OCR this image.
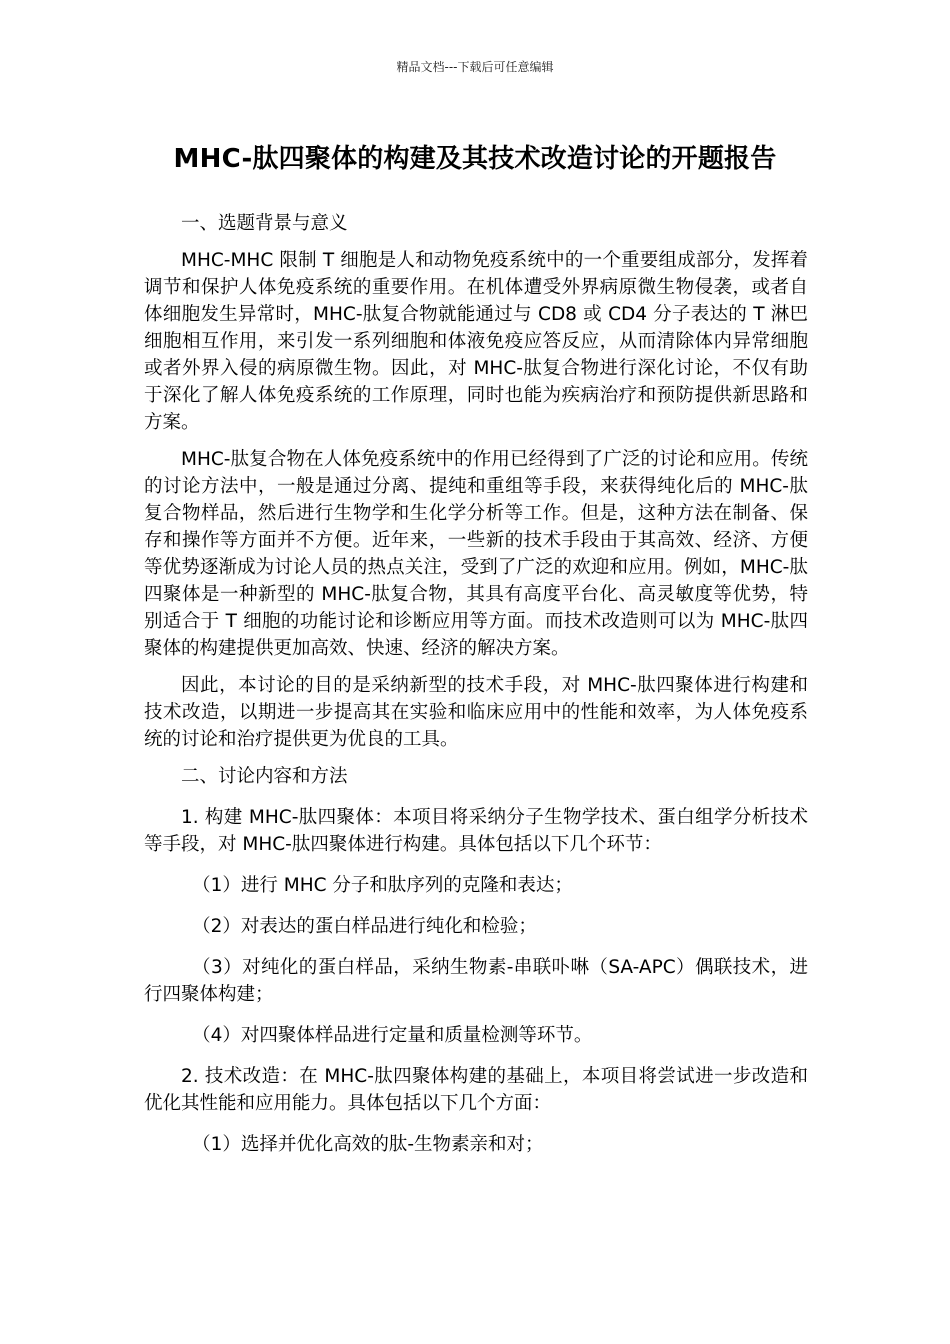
精品文档---下载后可任意编辑
MHC-肽四聚体的构建及其技术改造讨论的开题报告

一、选题背景与意义

MHC-MHC 限制 T 细胞是人和动物免疫系统中的一个重要组成部分，发挥着调节和保护人体免疫系统的重要作用。在机体遭受外界病原微生物侵袭，或者自体细胞发生异常时，MHC-肽复合物就能通过与 CD8 或 CD4 分子表达的 T 淋巴细胞相互作用，来引发一系列细胞和体液免疫应答反应，从而清除体内异常细胞或者外界入侵的病原微生物。因此，对 MHC-肽复合物进行深化讨论，不仅有助于深化了解人体免疫系统的工作原理，同时也能为疾病治疗和预防提供新思路和方案。

MHC-肽复合物在人体免疫系统中的作用已经得到了广泛的讨论和应用。传统的讨论方法中，一般是通过分离、提纯和重组等手段，来获得纯化后的 MHC-肽复合物样品，然后进行生物学和生化学分析等工作。但是，这种方法在制备、保存和操作等方面并不方便。近年来，一些新的技术手段由于其高效、经济、方便等优势逐渐成为讨论人员的热点关注，受到了广泛的欢迎和应用。例如，MHC-肽四聚体是一种新型的 MHC-肽复合物，其具有高度平台化、高灵敏度等优势，特别适合于 T 细胞的功能讨论和诊断应用等方面。而技术改造则可以为 MHC-肽四聚体的构建提供更加高效、快速、经济的解决方案。

因此，本讨论的目的是采纳新型的技术手段，对 MHC-肽四聚体进行构建和技术改造，以期进一步提高其在实验和临床应用中的性能和效率，为人体免疫系统的讨论和治疗提供更为优良的工具。

二、讨论内容和方法

1. 构建 MHC-肽四聚体：本项目将采纳分子生物学技术、蛋白组学分析技术等手段，对 MHC-肽四聚体进行构建。具体包括以下几个环节：

（1）进行 MHC 分子和肽序列的克隆和表达；

（2）对表达的蛋白样品进行纯化和检验；

（3）对纯化的蛋白样品，采纳生物素-串联卟啉（SA-APC）偶联技术，进行四聚体构建；

（4）对四聚体样品进行定量和质量检测等环节。

2. 技术改造：在 MHC-肽四聚体构建的基础上，本项目将尝试进一步改造和优化其性能和应用能力。具体包括以下几个方面：

（1）选择并优化高效的肽-生物素亲和对；
